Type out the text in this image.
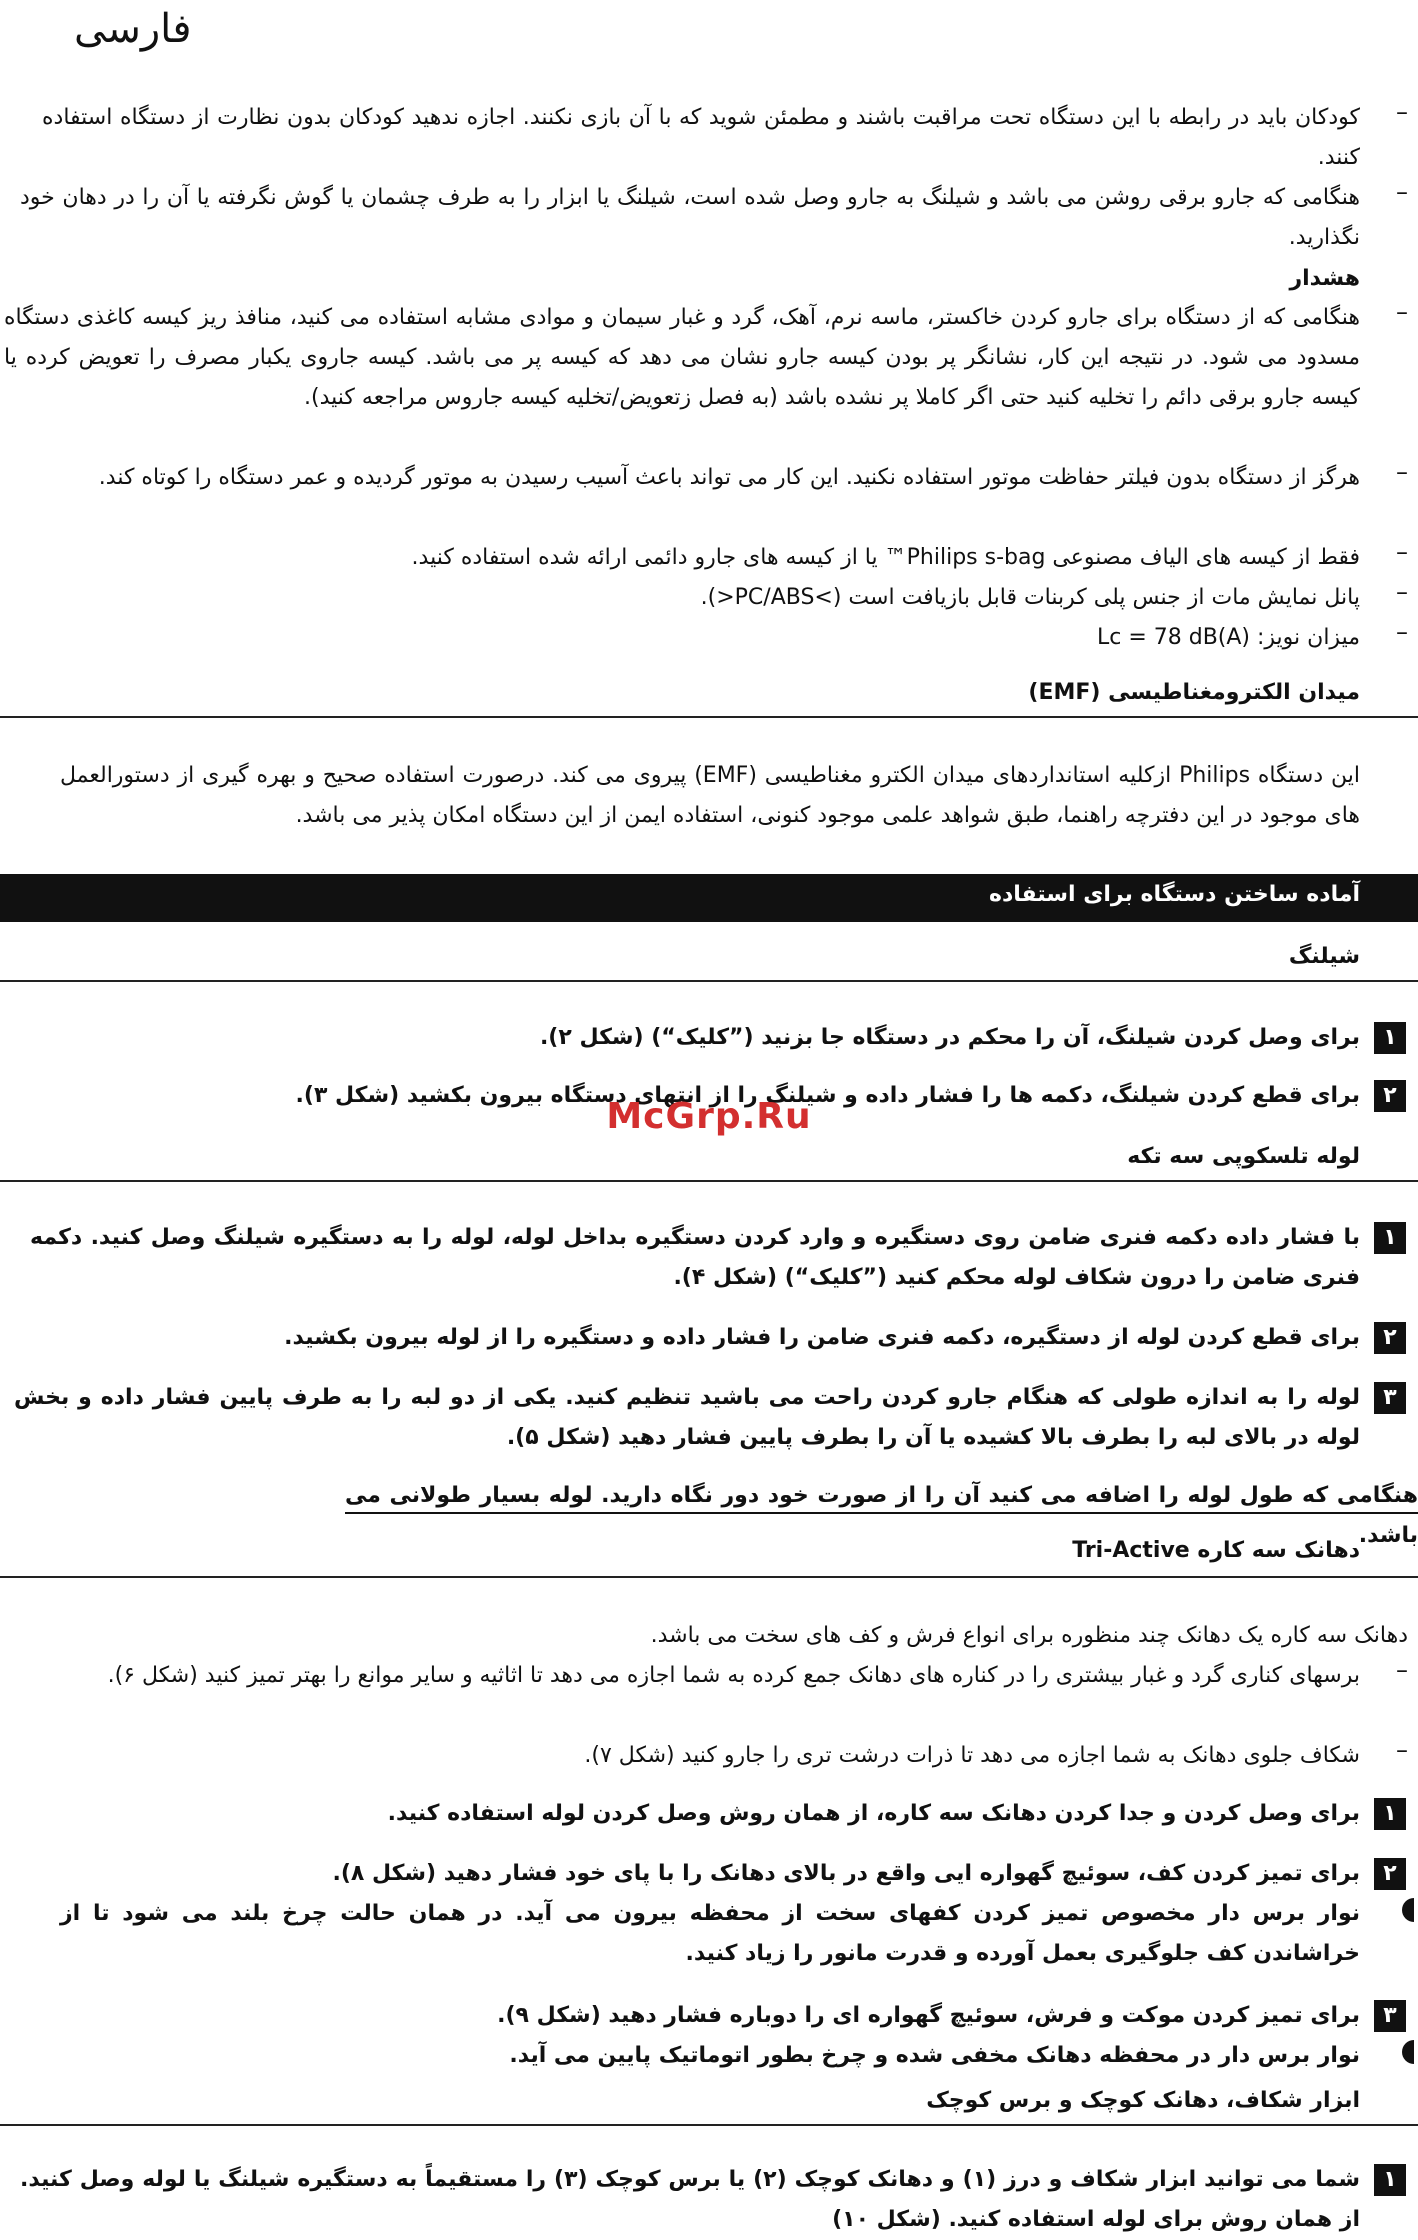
فارسی
–
کودکان باید در رابطه با این دستگاه تحت مراقبت باشند و مطمئن شوید که با آن بازی نکنند. اجازه ندهید کودکان بدون نظارت از دستگاه استفاده کنند.
–
هنگامی که جارو برقی روشن می باشد و شیلنگ به جارو وصل شده است، شیلنگ یا ابزار را به طرف چشمان یا گوش نگرفته یا آن را در دهان خود نگذارید.
هشدار
–
هنگامی که از دستگاه برای جارو کردن خاکستر، ماسه نرم، آهک، گرد و غبار سیمان و موادی مشابه استفاده می کنید، منافذ ریز کیسه کاغذی دستگاه مسدود می شود. در نتیجه این کار، نشانگر پر بودن کیسه جارو نشان می دهد که کیسه پر می باشد. کیسه جاروی یکبار مصرف را تعویض کرده یا کیسه جارو برقی دائم را تخلیه کنید حتی اگر کاملا پر نشده باشد (به فصل زتعویض/تخلیه کیسه جاروس مراجعه کنید).
–
هرگز از دستگاه بدون فیلتر حفاظت موتور استفاده نکنید. این کار می تواند باعث آسیب رسیدن به موتور گردیده و عمر دستگاه را کوتاه کند.
–
فقط از کیسه های الیاف مصنوعی Philips s-bag™ یا از کیسه های جارو دائمی ارائه شده استفاده کنید.
–
پانل نمایش مات از جنس پلی کربنات قابل بازیافت است (>PC/ABS<).
–
میزان نویز: Lc = 78 dB(A)
میدان الکترومغناطیسی (EMF)
این دستگاه Philips ازکلیه استانداردهای میدان الکترو مغناطیسی (EMF) پیروی می کند. درصورت استفاده صحیح و بهره گیری از دستورالعمل های موجود در این دفترچه راهنما، طبق شواهد علمی موجود کنونی، استفاده ایمن از این دستگاه امکان پذیر می باشد.
آماده ساختن دستگاه برای استفاده
شیلنگ
۱
برای وصل کردن شیلنگ، آن را محکم در دستگاه جا بزنید (”کلیک“) (شکل ۲).
۲
برای قطع کردن شیلنگ، دکمه ها را فشار داده و شیلنگ را از انتهای دستگاه بیرون بکشید (شکل ۳).
McGrp.Ru
لوله تلسکوپی سه تکه
۱
با فشار داده دکمه فنری ضامن روی دستگیره و وارد کردن دستگیره بداخل لوله، لوله را به دستگیره شیلنگ وصل کنید. دکمه فنری ضامن را درون شکاف لوله محکم کنید (”کلیک“) (شکل ۴).
۲
برای قطع کردن لوله از دستگیره، دکمه فنری ضامن را فشار داده و دستگیره را از لوله بیرون بکشید.
۳
لوله را به اندازه طولی که هنگام جارو کردن راحت می باشید تنظیم کنید. یکی از دو لبه را به طرف پایین فشار داده و بخش لوله در بالای لبه را بطرف بالا کشیده یا آن را بطرف پایین فشار دهید (شکل ۵).
هنگامی که طول لوله را اضافه می کنید آن را از صورت خود دور نگاه دارید. لوله بسیار طولانی می باشد.
دهانک سه کاره Tri-Active
دهانک سه کاره یک دهانک چند منظوره برای انواع فرش و کف های سخت می باشد.
–
برسهای کناری گرد و غبار بیشتری را در کناره های دهانک جمع کرده به شما اجازه می دهد تا اثاثیه و سایر موانع را بهتر تمیز کنید (شکل ۶).
–
شکاف جلوی دهانک به شما اجازه می دهد تا ذرات درشت تری را جارو کنید (شکل ۷).
۱
برای وصل کردن و جدا کردن دهانک سه کاره، از همان روش وصل کردن لوله استفاده کنید.
۲
برای تمیز کردن کف، سوئیچ گهواره ایی واقع در بالای دهانک را با پای خود فشار دهید (شکل ۸).
نوار برس دار مخصوص تمیز کردن کفهای سخت از محفظه بیرون می آید. در همان حالت چرخ بلند می شود تا از خراشاندن کف جلوگیری بعمل آورده و قدرت مانور را زیاد کنید.
۳
برای تمیز کردن موکت و فرش، سوئیچ گهواره ای را دوباره فشار دهید (شکل ۹).
نوار برس دار در محفظه دهانک مخفی شده و چرخ بطور اتوماتیک پایین می آید.
ابزار شکاف، دهانک کوچک و برس کوچک
۱
شما می توانید ابزار شکاف و درز (۱) و دهانک کوچک (۲) یا برس کوچک (۳) را مستقیماً به دستگیره شیلنگ یا لوله وصل کنید. از همان روش برای لوله استفاده کنید. (شکل ۱۰)
